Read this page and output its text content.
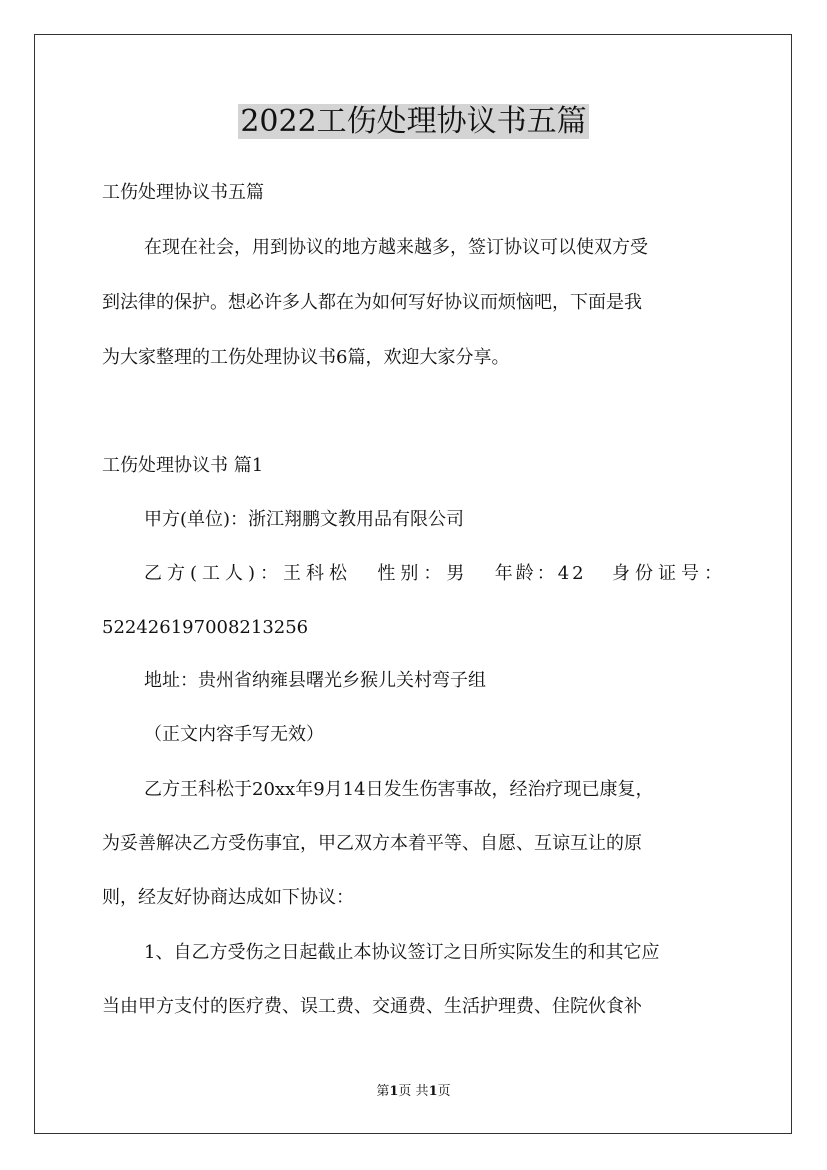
2022工伤处理协议书五篇
工伤处理协议书五篇
在现在社会，用到协议的地方越来越多，签订协议可以使双方受
到法律的保护。想必许多人都在为如何写好协议而烦恼吧，下面是我
为大家整理的工伤处理协议书6篇，欢迎大家分享。
工伤处理协议书 篇1
甲方(单位)：浙江翔鹏文教用品有限公司
乙方(工人)：王科松 性别：男 年龄：42 身份证号：
522426197008213256
地址：贵州省纳雍县曙光乡猴儿关村弯子组
（正文内容手写无效）
乙方王科松于20xx年9月14日发生伤害事故，经治疗现已康复，
为妥善解决乙方受伤事宜，甲乙双方本着平等、自愿、互谅互让的原
则，经友好协商达成如下协议：
1、自乙方受伤之日起截止本协议签订之日所实际发生的和其它应
当由甲方支付的医疗费、误工费、交通费、生活护理费、住院伙食补
第1页 共1页
